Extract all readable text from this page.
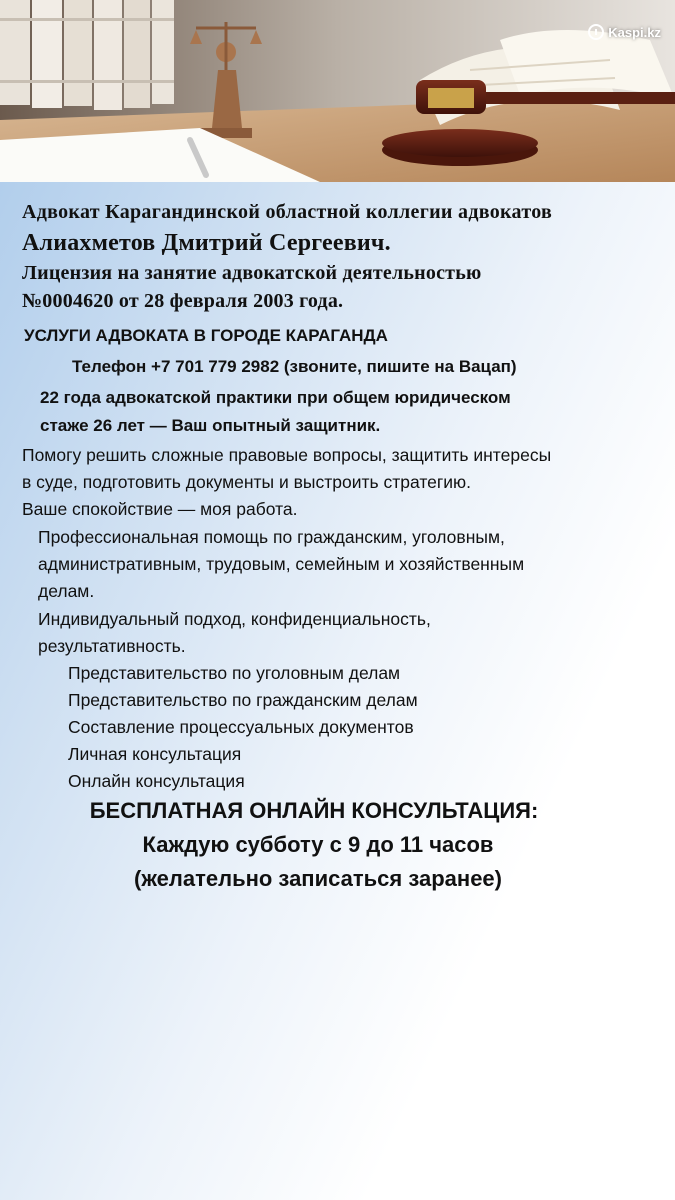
Kaspi.kz
Адвокат Карагандинской областной коллегии адвокатов
Алиахметов Дмитрий Сергеевич.
Лицензия на занятие адвокатской деятельностью
№0004620 от 28 февраля 2003 года.
УСЛУГИ АДВОКАТА В ГОРОДЕ КАРАГАНДА
Телефон +7 701 779 2982 (звоните, пишите на Вацап)
22 года адвокатской практики при общем юридическом
стаже 26 лет — Ваш опытный защитник.
Помогу решить сложные правовые вопросы, защитить интересы
в суде, подготовить документы и выстроить стратегию.
Ваше спокойствие — моя работа.
Профессиональная помощь по гражданским, уголовным,
административным, трудовым, семейным и хозяйственным
делам.
Индивидуальный подход, конфиденциальность,
результативность.
Представительство по уголовным делам
Представительство по гражданским делам
Составление процессуальных документов
Личная консультация
Онлайн консультация
БЕСПЛАТНАЯ ОНЛАЙН КОНСУЛЬТАЦИЯ:
Каждую субботу с 9 до 11 часов
(желательно записаться заранее)
